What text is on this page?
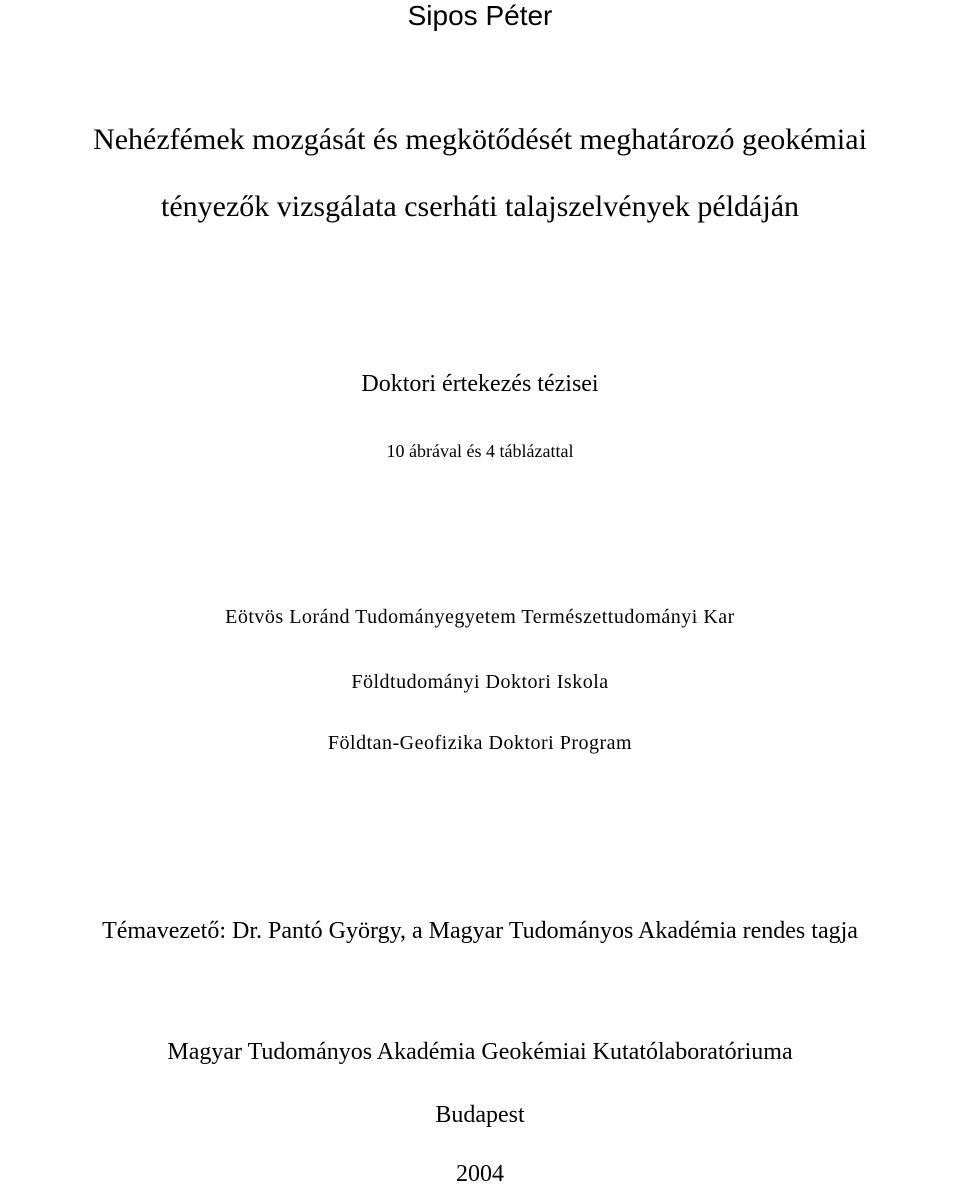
Sipos Péter
Nehézfémek mozgását és megkötődését meghatározó geokémiai
tényezők vizsgálata cserháti talajszelvények példáján
Doktori értekezés tézisei
10 ábrával és 4 táblázattal
Eötvös Loránd Tudományegyetem Természettudományi Kar
Földtudományi Doktori Iskola
Földtan-Geofizika Doktori Program
Témavezető: Dr. Pantó György, a Magyar Tudományos Akadémia rendes tagja
Magyar Tudományos Akadémia Geokémiai Kutatólaboratóriuma
Budapest
2004
